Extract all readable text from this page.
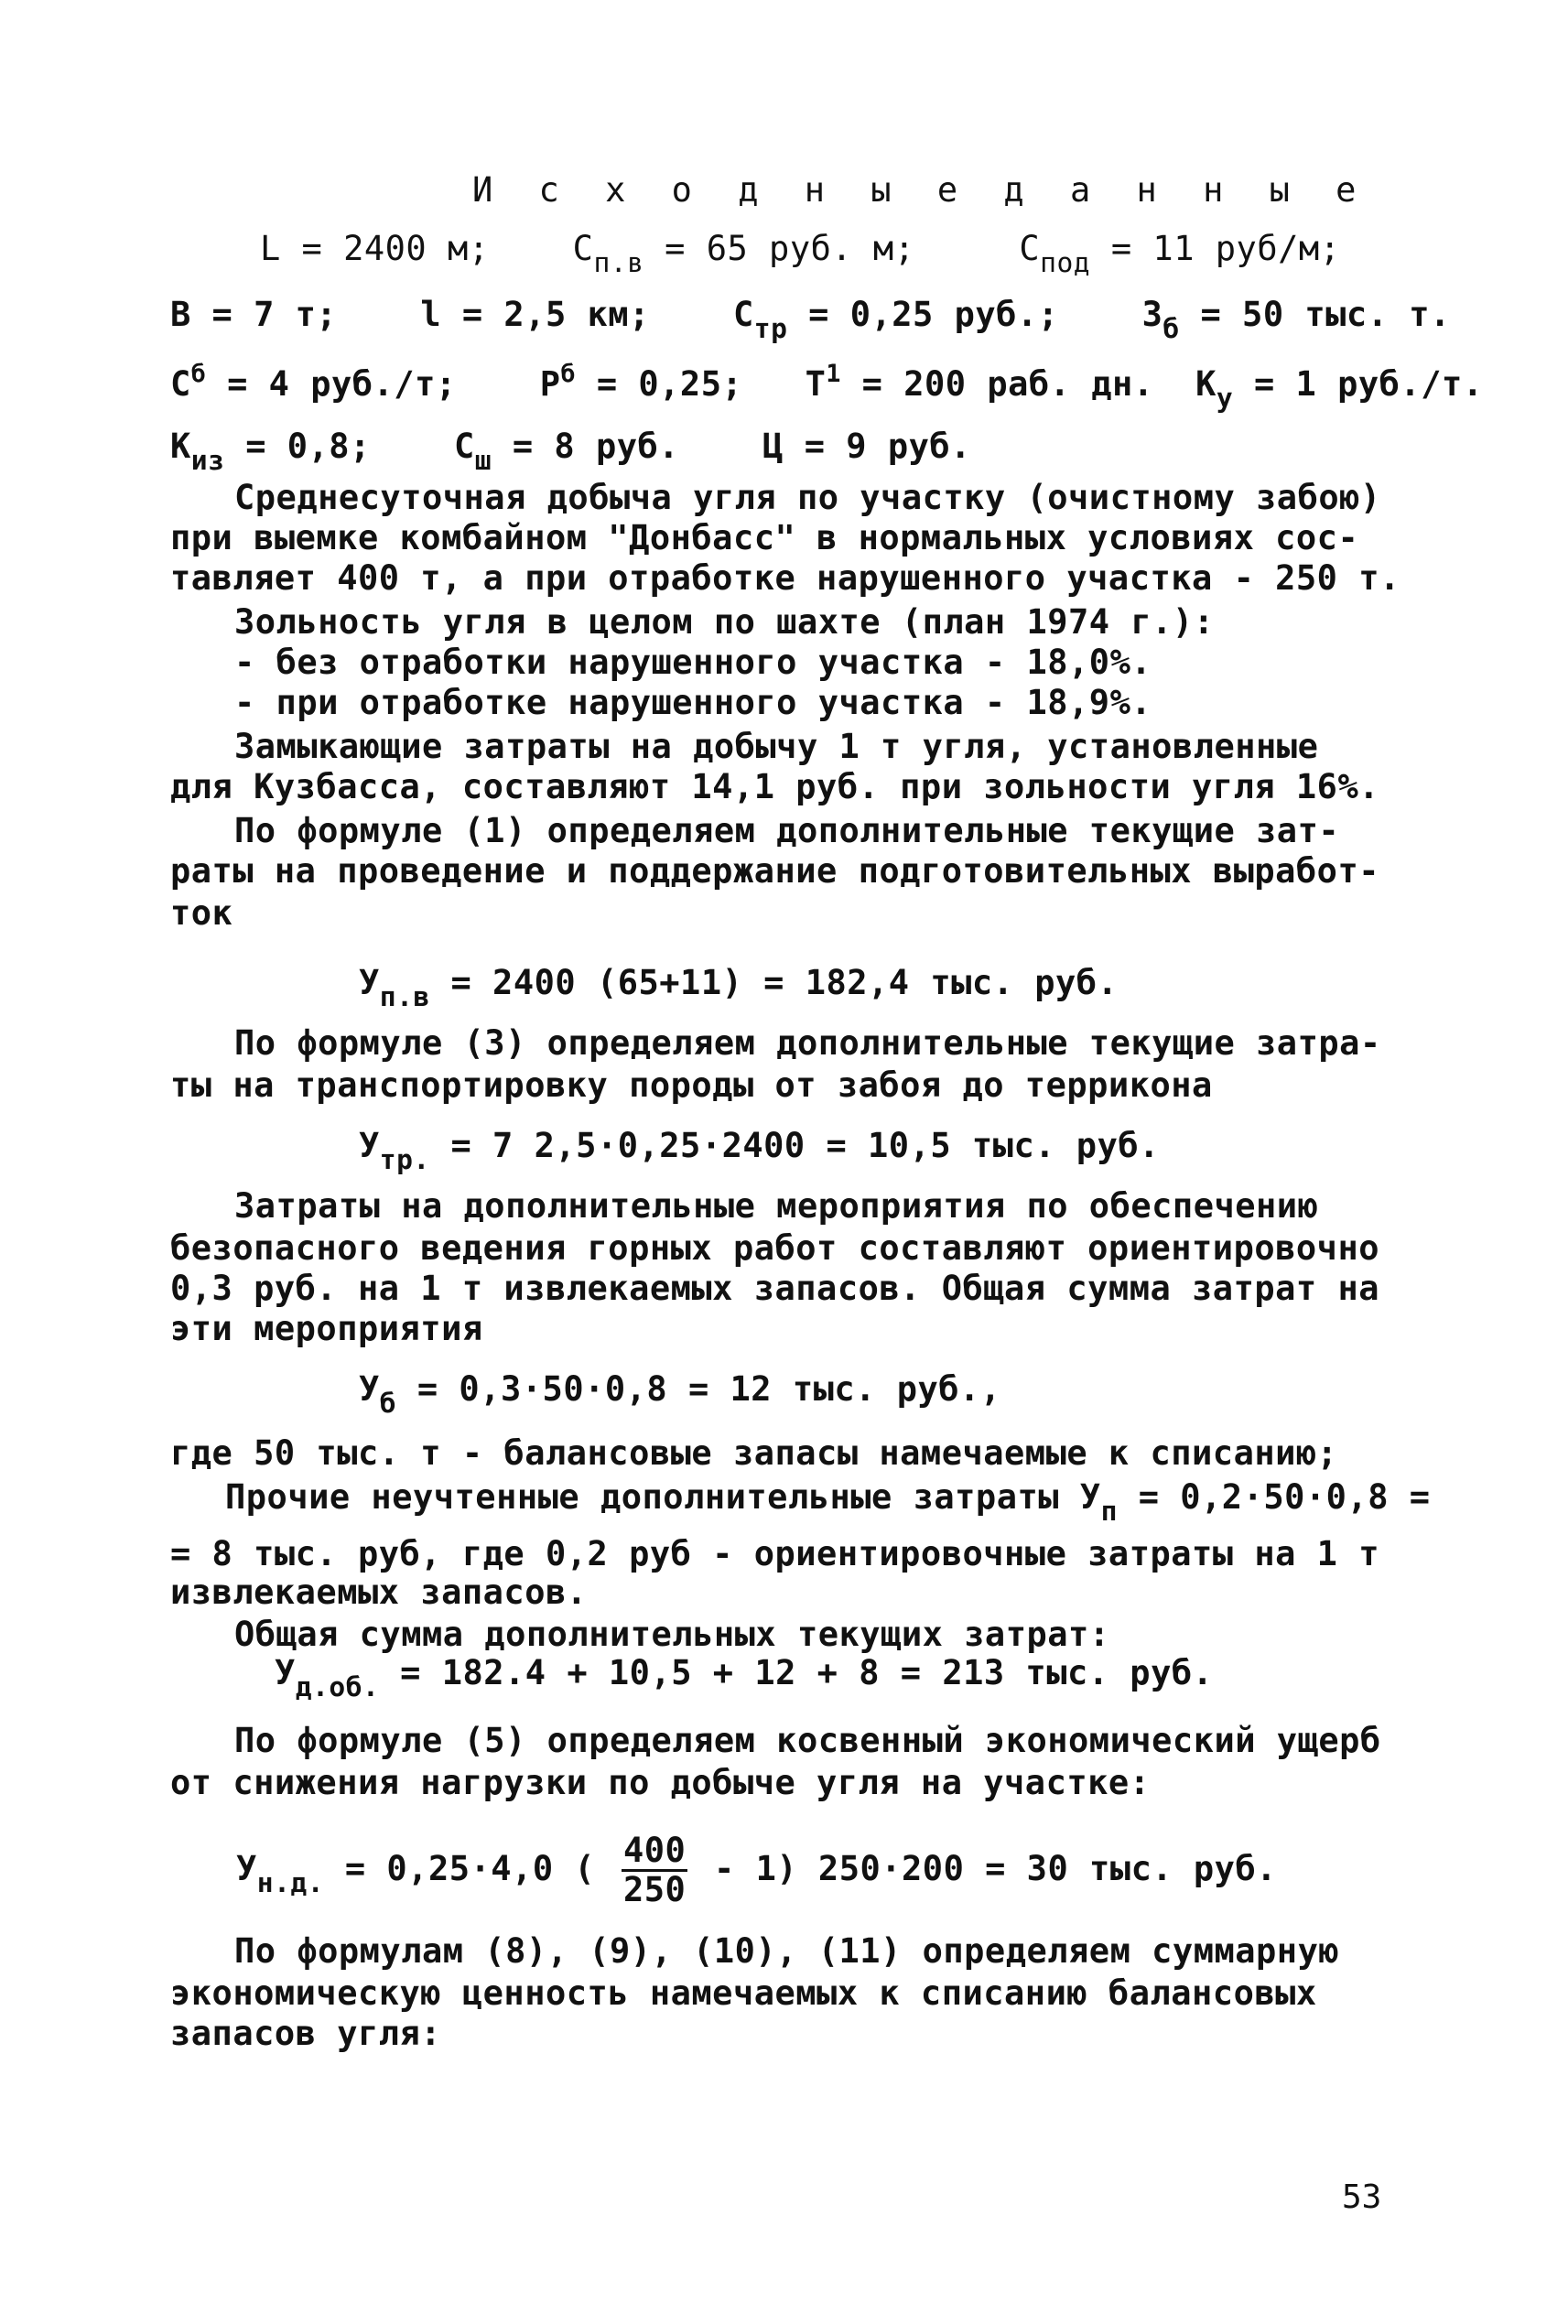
И с х о д н ы е д а н н ы е
L = 2400 м; $С_{п.в} = 65$ руб. м;	$С_{под} = 11$ руб/м;
В = 7 т; l = 2,5 км; $С_{тр} = 0,25$ руб.; $З_б = 50$ тыс. т.
$С^б = 4$ руб./т; $Р^б = 0,25$; $Т^1 = 200$ раб. дн. $К_у = 1$ руб./т.
$К_{из} = 0,8$; $С_ш = 8$ руб. Ц = 9 руб.
Среднесуточная добыча угля по участку (очистному забою)
при выемке комбайном "Донбасс" в нормальных условиях сос-
тавляет 400 т, а при отработке нарушенного участка - 250 т.
Зольность угля в целом по шахте (план 1974 г.):
- без отработки нарушенного участка - 18,0%.
- при отработке нарушенного участка - 18,9%.
Замыкающие затраты на добычу 1 т угля, установленные
для Кузбасса, составляют 14,1 руб. при зольности угля 16%.
По формуле (1) определяем дополнительные текущие зат-
раты на проведение и поддержание подготовительных выработ-
ток
$У_{п.в} = 2400$ (65+11) = 182,4 тыс. руб.
По формуле (3) определяем дополнительные текущие затра-
ты на транспортировку породы от забоя до терриконa
$У_{тр.} = 7$ 2,5·0,25·2400 = 10,5 тыс. руб.
Затраты на дополнительные мероприятия по обеспечению
безопасного ведения горных работ составляют ориентировочно
0,3 руб. на 1 т извлекаемых запасов. Общая сумма затрат на
эти мероприятия
$У_б = 0,3\cdot 50\cdot 0,8 = 12$ тыс. руб.,
где 50 тыс. т - балансовые запасы намечаемые к списанию;
Прочие неучтенные дополнительные затраты $У_п = 0,2\cdot 50\cdot 0,8$ =
= 8 тыс. руб, где 0,2 руб - ориентировочные затраты на 1 т
извлекаемых запасов.
Общая сумма дополнительных текущих затрат:
$У_{д.об.} = 182.4 + 10,5 + 12 + 8 = 213$ тыс. руб.
По формуле (5) определяем косвенный экономический ущерб
от снижения нагрузки по добыче угля на участке:
$У_{н.д.} = 0,25\cdot 4,0$ ( $\frac{400}{250} - 1$) 250·200 = 30 тыс. руб.
По формулам (8), (9), (10), (11) определяем суммарную
экономическую ценность намечаемых к списанию балансовых
запасов угля:
53
